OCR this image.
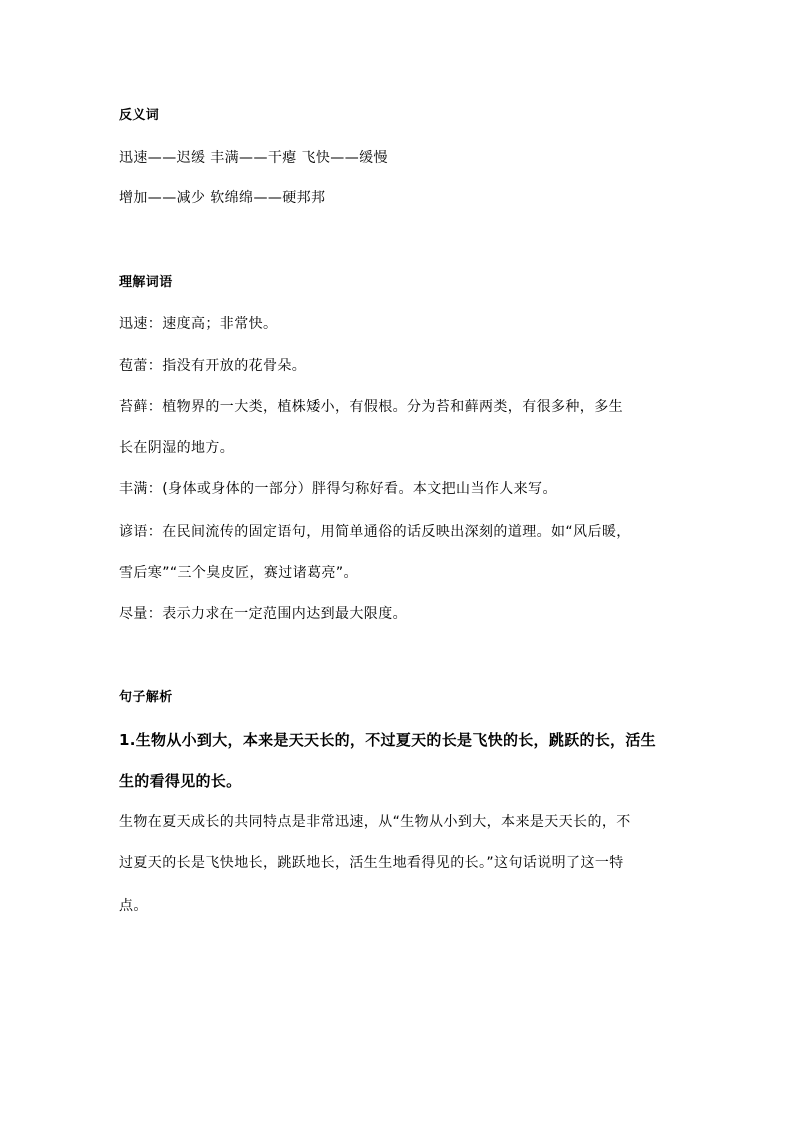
反义词
迅速——迟缓 丰满——干瘪 飞快——缓慢
增加——减少 软绵绵——硬邦邦
理解词语
迅速：速度高；非常快。
苞蕾：指没有开放的花骨朵。
苔藓：植物界的一大类，植株矮小，有假根。分为苔和藓两类，有很多种，多生
长在阴湿的地方。
丰满：(身体或身体的一部分）胖得匀称好看。本文把山当作人来写。
谚语：在民间流传的固定语句，用简单通俗的话反映出深刻的道理。如“风后暖，
雪后寒”“三个臭皮匠，赛过诸葛亮”。
尽量：表示力求在一定范围内达到最大限度。
句子解析
1.生物从小到大，本来是天天长的，不过夏天的长是飞快的长，跳跃的长，活生
生的看得见的长。
生物在夏天成长的共同特点是非常迅速，从“生物从小到大，本来是天天长的，不
过夏天的长是飞快地长，跳跃地长，活生生地看得见的长。”这句话说明了这一特
点。
